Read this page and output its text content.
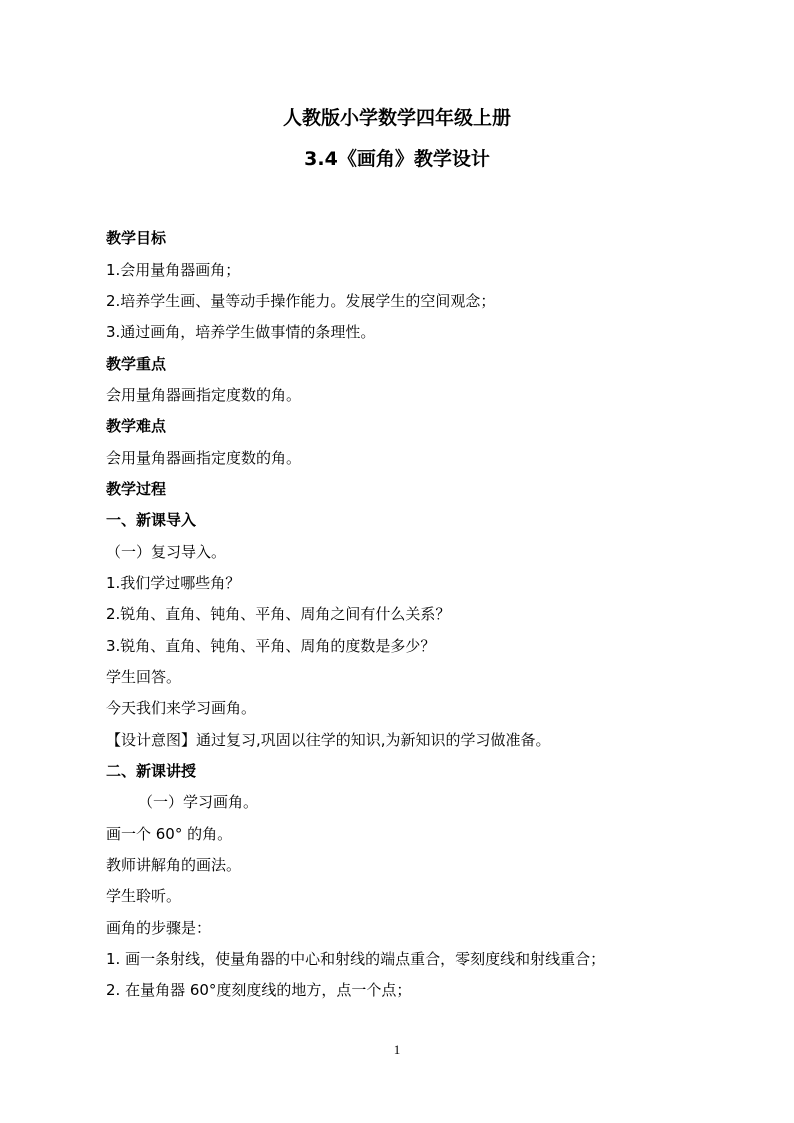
人教版小学数学四年级上册
3.4《画角》教学设计
教学目标
1.会用量角器画角；
2.培养学生画、量等动手操作能力。发展学生的空间观念；
3.通过画角，培养学生做事情的条理性。
教学重点
会用量角器画指定度数的角。
教学难点
会用量角器画指定度数的角。
教学过程
一、新课导入
（一）复习导入。
1.我们学过哪些角？
2.锐角、直角、钝角、平角、周角之间有什么关系？
3.锐角、直角、钝角、平角、周角的度数是多少？
学生回答。
今天我们来学习画角。
【设计意图】通过复习,巩固以往学的知识,为新知识的学习做准备。
二、新课讲授
（一）学习画角。
画一个 60° 的角。
教师讲解角的画法。
学生聆听。
画角的步骤是：
1. 画一条射线，使量角器的中心和射线的端点重合，零刻度线和射线重合；
2. 在量角器 60°度刻度线的地方，点一个点；
1
